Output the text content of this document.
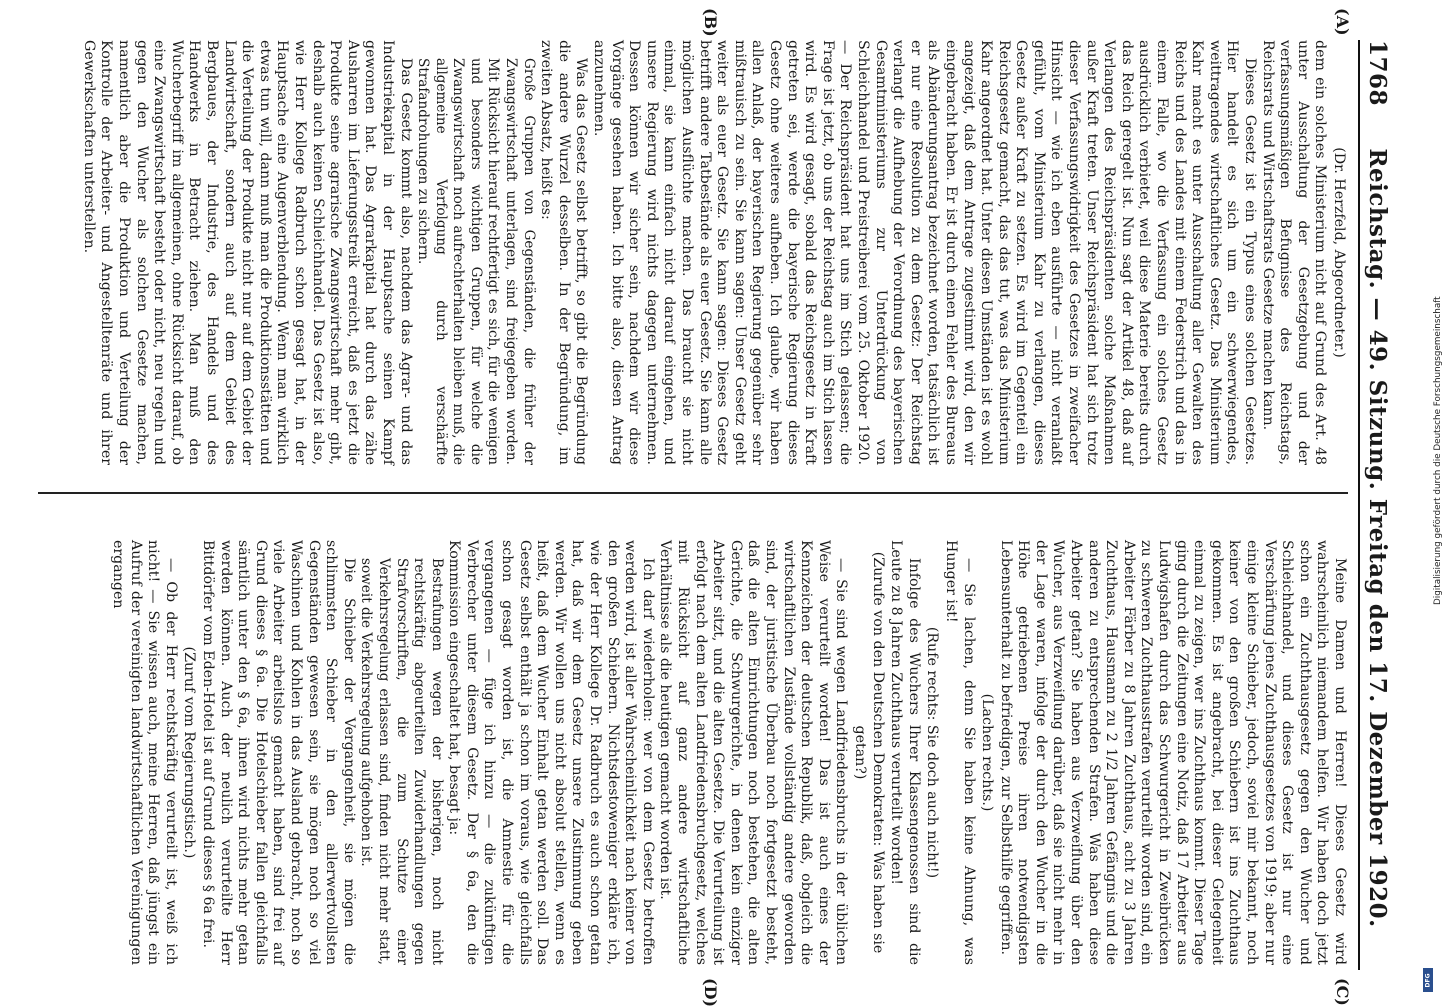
1768
Reichstag. — 49. Sitzung. Freitag den 17. Dezember 1920.
(A)
(B)
(C)
(D)

(Dr. Herzfeld, Abgeordneter.)

dem ein solches Ministerium nicht auf Grund des Art. 48 unter Ausschaltung der Gesetzgebung und der verfassungsmäßigen Befugnisse des Reichstags, Reichsrats und Wirtschaftsrats Gesetze machen kann.

Dieses Gesetz ist ein Typus eines solchen Gesetzes. Hier handelt es sich um ein schwerwiegendes, weittragendes wirtschaftliches Gesetz. Das Ministerium Kahr macht es unter Ausschaltung aller Gewalten des Reichs und des Landes mit einem Federstrich und das in einem Falle, wo die Verfassung ein solches Gesetz ausdrücklich verbietet, weil diese Materie bereits durch das Reich geregelt ist. Nun sagt der Artikel 48, daß auf Verlangen des Reichspräsidenten solche Maßnahmen außer Kraft treten. Unser Reichspräsident hat sich trotz dieser Verfassungswidrigkeit des Gesetzes in zweifacher Hinsicht — wie ich eben ausführte — nicht veranlaßt gefühlt, vom Ministerium Kahr zu verlangen, dieses Gesetz außer Kraft zu setzen. Es wird im Gegenteil ein Reichsgesetz gemacht, das das tut, was das Ministerium Kahr angeordnet hat. Unter diesen Umständen ist es wohl angezeigt, daß dem Antrage zugestimmt wird, den wir eingebracht haben. Er ist durch einen Fehler des Bureaus als Abänderungsantrag bezeichnet worden, tatsächlich ist er nur eine Resolution zu dem Gesetz: Der Reichstag verlangt die Aufhebung der Verordnung des bayerischen Gesamtministeriums zur Unterdrückung von Schleichhandel und Preistreiberei vom 25. Oktober 1920. — Der Reichspräsident hat uns im Stich gelassen; die Frage ist jetzt, ob uns der Reichstag auch im Stich lassen wird. Es wird gesagt, sobald das Reichsgesetz in Kraft getreten sei, werde die bayerische Regierung dieses Gesetz ohne weiteres aufheben. Ich glaube, wir haben allen Anlaß, der bayerischen Regierung gegenüber sehr mißtrauisch zu sein. Sie kann sagen: Unser Gesetz geht weiter als euer Gesetz. Sie kann sagen: Dieses Gesetz betrifft andere Tatbestände als euer Gesetz. Sie kann alle möglichen Ausflüchte machen. Das braucht sie nicht einmal, sie kann einfach nicht darauf eingehen, und unsere Regierung wird nichts dagegen unternehmen. Dessen können wir sicher sein, nachdem wir diese Vorgänge gesehen haben. Ich bitte also, diesen Antrag anzunehmen.

Was das Gesetz selbst betrifft, so gibt die Begründung die andere Wurzel desselben. In der Begründung, im zweiten Absatz, heißt es:

Große Gruppen von Gegenständen, die früher der Zwangswirtschaft unterlagen, sind freigegeben worden. Mit Rücksicht hierauf rechtfertigt es sich, für die wenigen und besonders wichtigen Gruppen, für welche die Zwangswirtschaft noch aufrechterhalten bleiben muß, die allgemeine Verfolgung durch verschärfte Strafandrohungen zu sichern.

Das Gesetz kommt also, nachdem das Agrar- und das Industriekapital in der Hauptsache seinen Kampf gewonnen hat. Das Agrarkapital hat durch das zähe Ausharren im Lieferungsstreik erreicht, daß es jetzt die Produkte seine agrarische Zwangswirtschaft mehr gibt, deshalb auch keinen Schleichhandel. Das Gesetz ist also, wie Herr Kollege Radbruch schon gesagt hat, in der Hauptsache eine Augenverblendung. Wenn man wirklich etwas tun will, dann muß man die Produktionsstätten und die Verteilung der Produkte nicht nur auf dem Gebiet der Landwirtschaft, sondern auch auf dem Gebiet des Bergbaues, der Industrie, des Handels und des Handwerks in Betracht ziehen. Man muß den Wucherbegriff im allgemeinen, ohne Rücksicht darauf, ob eine Zwangswirtschaft besteht oder nicht, neu regeln und gegen den Wucher als solchen Gesetze machen, namentlich aber die Produktion und Verteilung der Kontrolle der Arbeiter- und Angestelltenräte und ihrer Gewerkschaften unterstellen.

Meine Damen und Herren! Dieses Gesetz wird wahrscheinlich niemandem helfen. Wir haben doch jetzt schon ein Zuchthausgesetz gegen den Wucher und Schleichhandel, und dieses Gesetz ist nur eine Verschärfung jenes Zuchthausgesetzes von 1919; aber nur einige kleine Schieber, jedoch, soviel mir bekannt, noch keiner von den großen Schiebern ist ins Zuchthaus gekommen. Es ist angebracht, bei dieser Gelegenheit einmal zu zeigen, wer ins Zuchthaus kommt. Dieser Tage ging durch die Zeitungen eine Notiz, daß 17 Arbeiter aus Ludwigshafen durch das Schwurgericht in Zweibrücken zu schweren Zuchthausstrafen verurteilt worden sind, ein Arbeiter Färber zu 8 Jahren Zuchthaus, acht zu 3 Jahren Zuchthaus, Hausmann zu 2 1/2 Jahren Gefängnis und die anderen zu entsprechenden Strafen. Was haben diese Arbeiter getan? Sie haben aus Verzweiflung über den Wucher, aus Verzweiflung darüber, daß sie nicht mehr in der Lage waren, infolge der durch den Wucher in die Höhe getriebenen Preise ihren notwendigsten Lebensunterhalt zu befriedigen, zur Selbsthilfe gegriffen.

(Lachen rechts.)

— Sie lachen, denn Sie haben keine Ahnung, was Hunger ist!

(Rufe rechts: Sie doch auch nicht!)

Infolge des Wuchers Ihrer Klassengenossen sind die Leute zu 8 Jahren Zuchthaus verurteilt worden!

(Zurufe von den Deutschen Demokraten: Was haben sie getan?)

— Sie sind wegen Landfriedensbruchs in der üblichen Weise verurteilt worden! Das ist auch eines der Kennzeichen der deutschen Republik, daß, obgleich die wirtschaftlichen Zustände vollständig andere geworden sind, der juristische Überbau noch fortgesetzt besteht, daß die alten Einrichtungen noch bestehen, die alten Gerichte, die Schwurgerichte, in denen kein einziger Arbeiter sitzt, und die alten Gesetze. Die Verurteilung ist erfolgt nach dem alten Landfriedensbruchgesetz, welches mit Rücksicht auf ganz andere wirtschaftliche Verhältnisse als die heutigen gemacht worden ist.

Ich darf wiederholen: wer von dem Gesetz betroffen werden wird, ist aller Wahrscheinlichkeit nach keiner von den großen Schiebern. Nichtsdestoweniger erkläre ich, wie der Herr Kollege Dr. Radbruch es auch schon getan hat, daß wir dem Gesetz unsere Zustimmung geben werden. Wir wollen uns nicht absolut stellen, wenn es heißt, daß dem Wucher Einhalt getan werden soll. Das Gesetz selbst enthält ja schon im voraus, wie gleichfalls schon gesagt worden ist, die Amnestie für die vergangenen — füge ich hinzu — die zukünftigen Verbrecher unter diesem Gesetz. Der § 6a, den die Kommission eingeschaltet hat, besagt ja:

Bestrafungen wegen der bisherigen, noch nicht rechtskräftig abgeurteilten Zuwiderhandlungen gegen Strafvorschriften, die zum Schutze einer Verkehrsregelung erlassen sind, finden nicht mehr statt, soweit die Verkehrsregelung aufgehoben ist.

Die Schieber der Vergangenheit, sie mögen die schlimmsten Schieber in den allerwertvollsten Gegenständen gewesen sein, sie mögen noch so viel Waschinen und Kohlen in das Ausland gebracht, noch so viele Arbeiter arbeitslos gemacht haben, sind frei auf Grund dieses § 6a. Die Hotelschieber fallen gleichfalls sämtlich unter den § 6a, ihnen wird nichts mehr getan werden können. Auch der neulich verurteilte Herr Bittdörfer vom Eden-Hotel ist auf Grund dieses § 6a frei.

(Zuruf vom Regierungstisch.)

— Ob der Herr rechtskräftig verurteilt ist, weiß ich nicht! — Sie wissen auch, meine Herren, daß jüngst ein Aufruf der vereinigten landwirtschaftlichen Vereinigungen ergangen	Digitalisierung gefördert durch die Deutsche Forschungsgemeinschaft
DFG
